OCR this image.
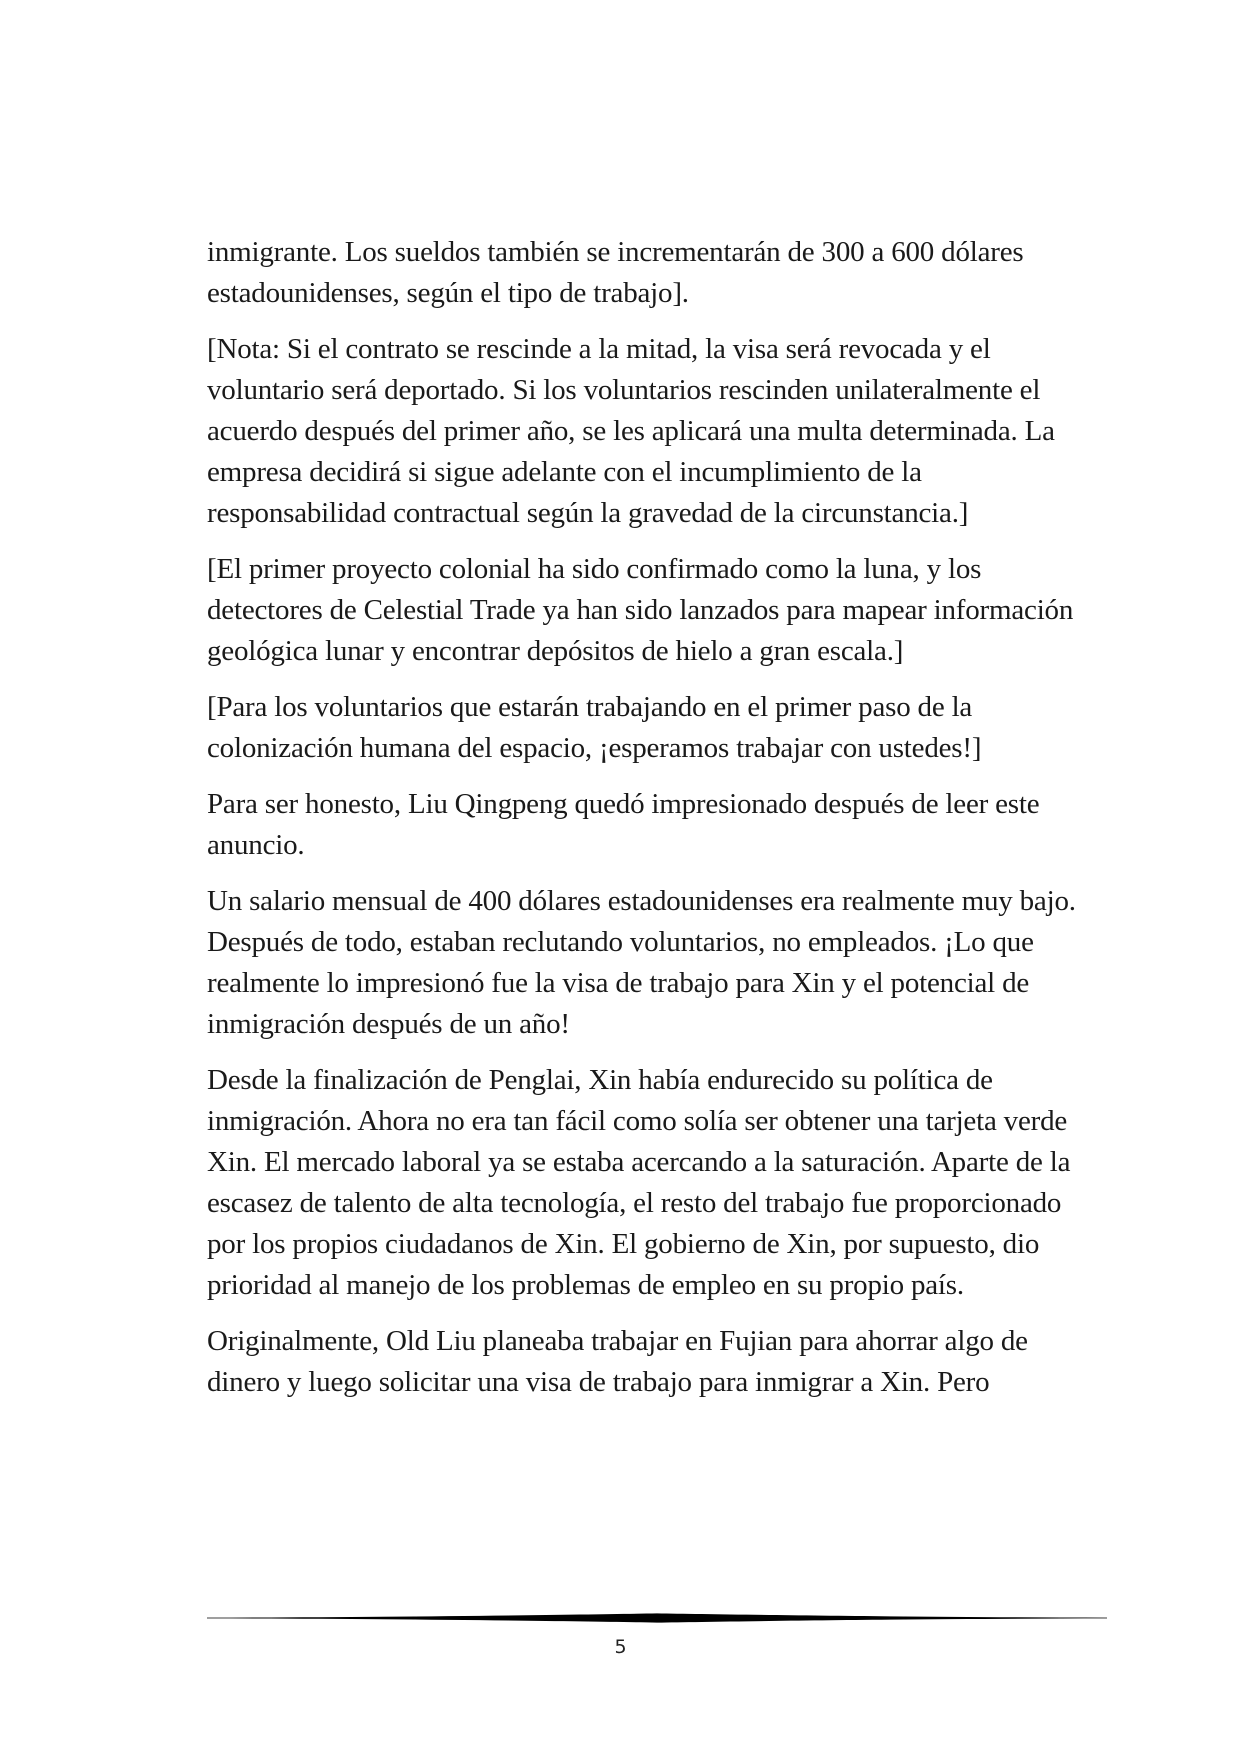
inmigrante. Los sueldos también se incrementarán de 300 a 600 dólares estadounidenses, según el tipo de trabajo].

[Nota: Si el contrato se rescinde a la mitad, la visa será revocada y el voluntario será deportado. Si los voluntarios rescinden unilateralmente el acuerdo después del primer año, se les aplicará una multa determinada. La empresa decidirá si sigue adelante con el incumplimiento de la responsabilidad contractual según la gravedad de la circunstancia.]

[El primer proyecto colonial ha sido confirmado como la luna, y los detectores de Celestial Trade ya han sido lanzados para mapear información geológica lunar y encontrar depósitos de hielo a gran escala.]

[Para los voluntarios que estarán trabajando en el primer paso de la colonización humana del espacio, ¡esperamos trabajar con ustedes!]

Para ser honesto, Liu Qingpeng quedó impresionado después de leer este anuncio.

Un salario mensual de 400 dólares estadounidenses era realmente muy bajo. Después de todo, estaban reclutando voluntarios, no empleados. ¡Lo que realmente lo impresionó fue la visa de trabajo para Xin y el potencial de inmigración después de un año!

Desde la finalización de Penglai, Xin había endurecido su política de inmigración. Ahora no era tan fácil como solía ser obtener una tarjeta verde Xin. El mercado laboral ya se estaba acercando a la saturación. Aparte de la escasez de talento de alta tecnología, el resto del trabajo fue proporcionado por los propios ciudadanos de Xin. El gobierno de Xin, por supuesto, dio prioridad al manejo de los problemas de empleo en su propio país.

Originalmente, Old Liu planeaba trabajar en Fujian para ahorrar algo de dinero y luego solicitar una visa de trabajo para inmigrar a Xin. Pero

5
